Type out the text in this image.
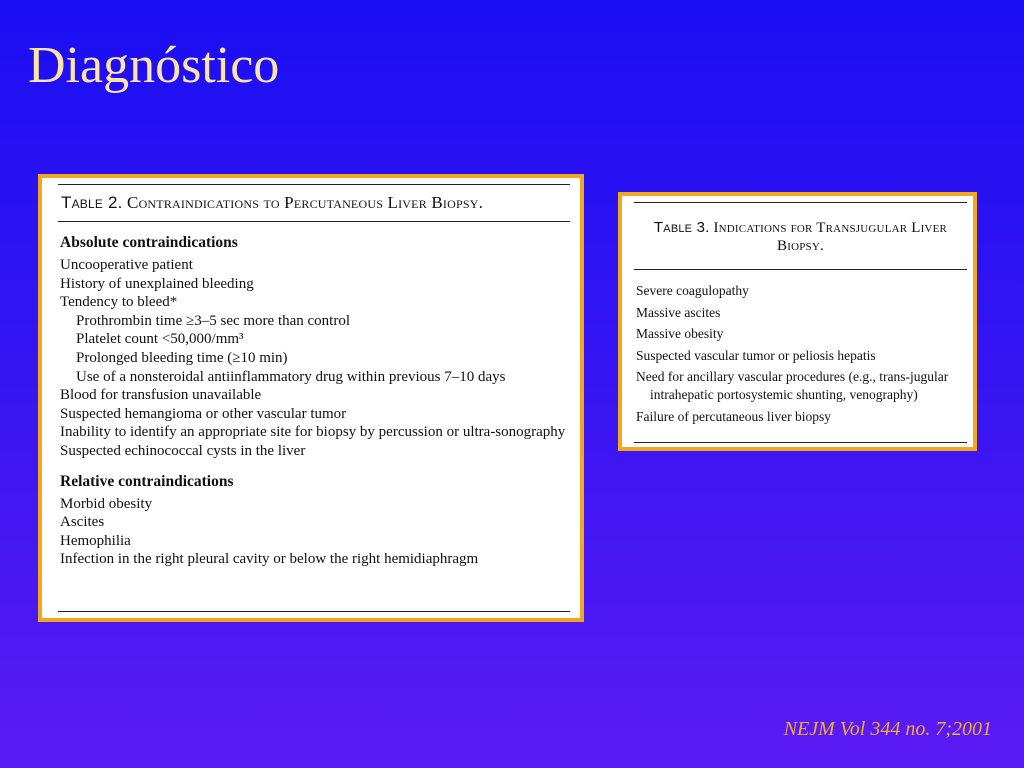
Diagnóstico
Table 2. Contraindications to Percutaneous Liver Biopsy.
Absolute contraindications
Uncooperative patient
History of unexplained bleeding
Tendency to bleed*
Prothrombin time ≥3–5 sec more than control
Platelet count <50,000/mm³
Prolonged bleeding time (≥10 min)
Use of a nonsteroidal antiinflammatory drug within previous 7–10 days
Blood for transfusion unavailable
Suspected hemangioma or other vascular tumor
Inability to identify an appropriate site for biopsy by percussion or ultra-sonography
Suspected echinococcal cysts in the liver
Relative contraindications
Morbid obesity
Ascites
Hemophilia
Infection in the right pleural cavity or below the right hemidiaphragm
Table 3. Indications for Transjugular Liver Biopsy.
Severe coagulopathy
Massive ascites
Massive obesity
Suspected vascular tumor or peliosis hepatis
Need for ancillary vascular procedures (e.g., trans-jugular intrahepatic portosystemic shunting, venography)
Failure of percutaneous liver biopsy
NEJM Vol 344 no. 7;2001
